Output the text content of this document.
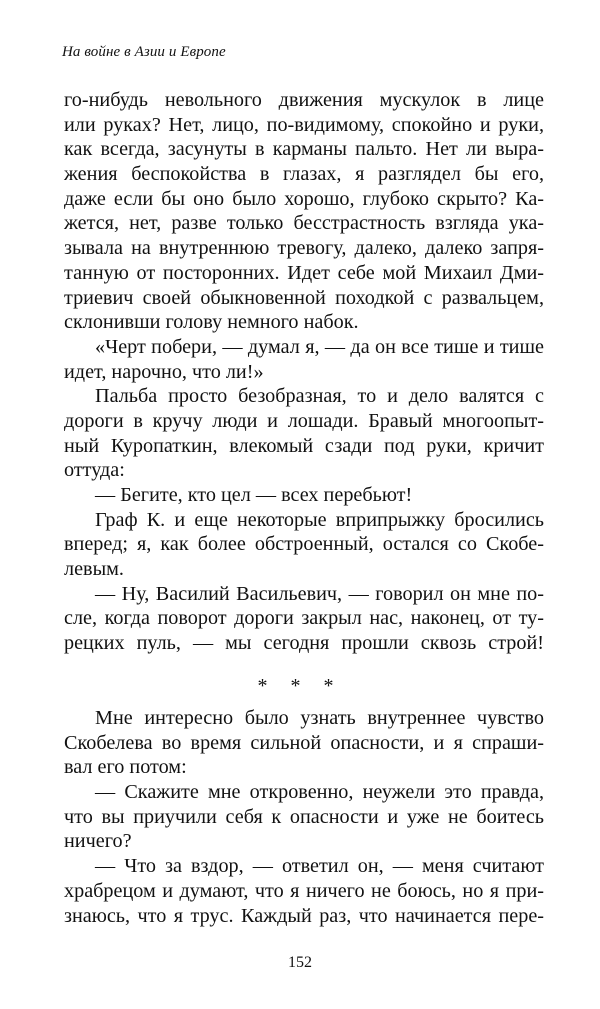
На войне в Азии и Европе
го-нибудь невольного движения мускулок в лице
или руках? Нет, лицо, по-видимому, спокойно и руки,
как всегда, засунуты в карманы пальто. Нет ли выра-
жения беспокойства в глазах, я разглядел бы его,
даже если бы оно было хорошо, глубоко скрыто? Ка-
жется, нет, разве только бесстрастность взгляда ука-
зывала на внутреннюю тревогу, далеко, далеко запря-
танную от посторонних. Идет себе мой Михаил Дми-
триевич своей обыкновенной походкой с развальцем,
склонивши голову немного набок.
«Черт побери, — думал я, — да он все тише и тише
идет, нарочно, что ли!»
Пальба просто безобразная, то и дело валятся с
дороги в кручу люди и лошади. Бравый многоопыт-
ный Куропаткин, влекомый сзади под руки, кричит
оттуда:
— Бегите, кто цел — всех перебьют!
Граф К. и еще некоторые вприпрыжку бросились
вперед; я, как более обстроенный, остался со Скобе-
левым.
— Ну, Василий Васильевич, — говорил он мне по-
сле, когда поворот дороги закрыл нас, наконец, от ту-
рецких пуль, — мы сегодня прошли сквозь строй!
* * *
Мне интересно было узнать внутреннее чувство
Скобелева во время сильной опасности, и я спраши-
вал его потом:
— Скажите мне откровенно, неужели это правда,
что вы приучили себя к опасности и уже не боитесь
ничего?
— Что за вздор, — ответил он, — меня считают
храбрецом и думают, что я ничего не боюсь, но я при-
знаюсь, что я трус. Каждый раз, что начинается пере-
152
